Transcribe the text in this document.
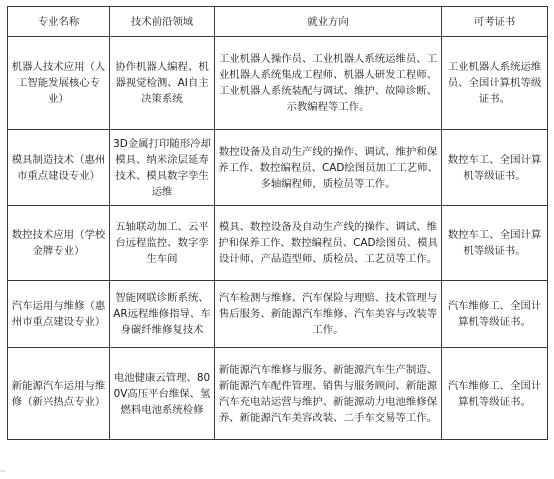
专业名称	技术前沿领域	就业方向	可考证书
机器人技术应用（人工智能发展核心专业）	协作机器人编程、机器视觉检测、AI自主决策系统	工业机器人操作员、工业机器人系统运维员、工业机器人系统集成工程师、机器人研发工程师、工业机器人系统装配与调试、维护、故障诊断、示教编程等工作。	工业机器人系统运维员、全国计算机等级证书。
模具制造技术（惠州市重点建设专业）	3D金属打印随形冷却模具、纳米涂层延寿技术、模具数字孪生运维	数控设备及自动生产线的操作、调试、维护和保养工作、数控编程员、CAD绘图员加工工艺师、多轴编程师，质检员等工作。	数控车工、全国计算机等级证书。
数控技术应用（学校金牌专业）	五轴联动加工、云平台远程监控、数字孪生车间	模具、数控设备及自动生产线的操作、调试、维护和保养工作、数控编程员、CAD绘图员、模具设计师、产品造型师、质检员、工艺员等工作。	数控车工、全国计算机等级证书。
汽车运用与维修（惠州市重点建设专业）	智能网联诊断系统、AR远程维修指导、车身碳纤维修复技术	汽车检测与维修、汽车保险与理赔、技术管理与售后服务、新能源汽车维修、汽车美容与改装等工作。	汽车维修工、全国计算机等级证书。
新能源汽车运用与维修（新兴热点专业）	电池健康云管理、800V高压平台维保、氢燃料电池系统检修	新能源汽车维修与服务、新能源汽车生产制造、新能源汽车配件管理、销售与服务顾问、新能源汽车充电站运营与维护、新能源动力电池维修保养、新能源汽车美容改装、二手车交易等工作。	汽车维修工、全国计算机等级证书。
··
